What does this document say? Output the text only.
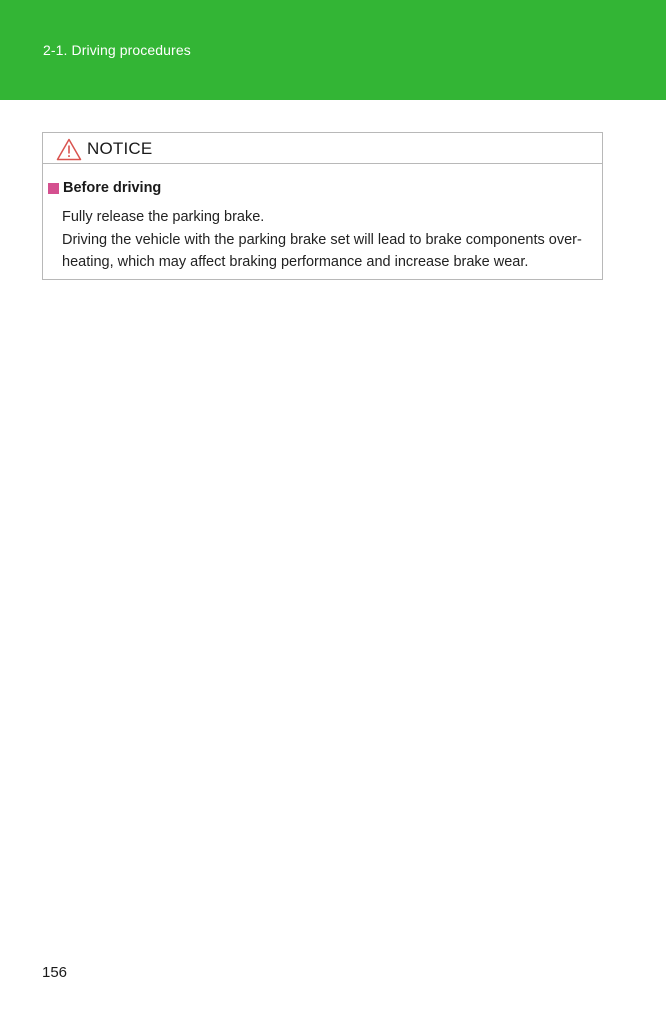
2-1. Driving procedures
NOTICE
Before driving

Fully release the parking brake.

Driving the vehicle with the parking brake set will lead to brake components over-heating, which may affect braking performance and increase brake wear.

156
